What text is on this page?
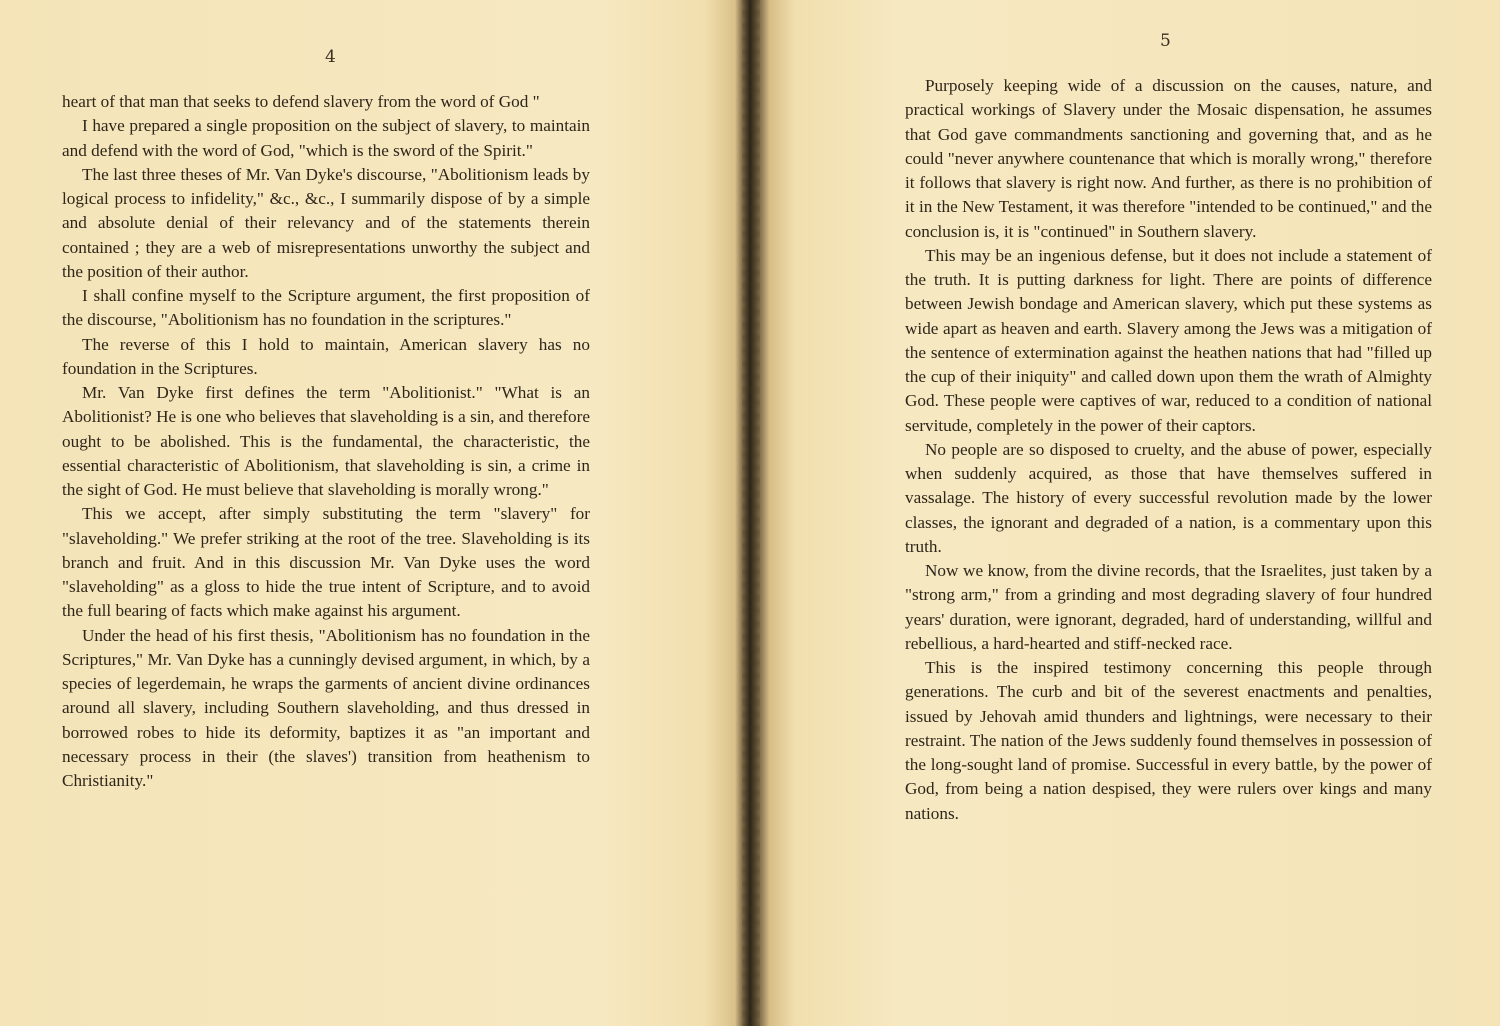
4

heart of that man that seeks to defend slavery from the word of God "

I have prepared a single proposition on the subject of slavery, to maintain and defend with the word of God, "which is the sword of the Spirit."

The last three theses of Mr. Van Dyke's discourse, "Abolitionism leads by logical process to infidelity," &c., &c., I summarily dispose of by a simple and absolute denial of their relevancy and of the statements therein contained ; they are a web of misrepresentations unworthy the subject and the position of their author.

I shall confine myself to the Scripture argument, the first proposition of the discourse, "Abolitionism has no foundation in the scriptures."

The reverse of this I hold to maintain, American slavery has no foundation in the Scriptures.

Mr. Van Dyke first defines the term "Abolitionist." "What is an Abolitionist? He is one who believes that slaveholding is a sin, and therefore ought to be abolished. This is the fundamental, the characteristic, the essential characteristic of Abolitionism, that slaveholding is sin, a crime in the sight of God. He must believe that slaveholding is morally wrong."

This we accept, after simply substituting the term "slavery" for "slaveholding." We prefer striking at the root of the tree. Slaveholding is its branch and fruit. And in this discussion Mr. Van Dyke uses the word "slaveholding" as a gloss to hide the true intent of Scripture, and to avoid the full bearing of facts which make against his argument.

Under the head of his first thesis, "Abolitionism has no foundation in the Scriptures," Mr. Van Dyke has a cunningly devised argument, in which, by a species of legerdemain, he wraps the garments of ancient divine ordinances around all slavery, including Southern slaveholding, and thus dressed in borrowed robes to hide its deformity, baptizes it as "an important and necessary process in their (the slaves') transition from heathenism to Christianity."

5

Purposely keeping wide of a discussion on the causes, nature, and practical workings of Slavery under the Mosaic dispensation, he assumes that God gave commandments sanctioning and governing that, and as he could "never anywhere countenance that which is morally wrong," therefore it follows that slavery is right now. And further, as there is no prohibition of it in the New Testament, it was therefore "intended to be continued," and the conclusion is, it is "continued" in Southern slavery.

This may be an ingenious defense, but it does not include a statement of the truth. It is putting darkness for light. There are points of difference between Jewish bondage and American slavery, which put these systems as wide apart as heaven and earth. Slavery among the Jews was a mitigation of the sentence of extermination against the heathen nations that had "filled up the cup of their iniquity" and called down upon them the wrath of Almighty God. These people were captives of war, reduced to a condition of national servitude, completely in the power of their captors.

No people are so disposed to cruelty, and the abuse of power, especially when suddenly acquired, as those that have themselves suffered in vassalage. The history of every successful revolution made by the lower classes, the ignorant and degraded of a nation, is a commentary upon this truth.

Now we know, from the divine records, that the Israelites, just taken by a "strong arm," from a grinding and most degrading slavery of four hundred years' duration, were ignorant, degraded, hard of understanding, willful and rebellious, a hard-hearted and stiff-necked race.

This is the inspired testimony concerning this people through generations. The curb and bit of the severest enactments and penalties, issued by Jehovah amid thunders and lightnings, were necessary to their restraint. The nation of the Jews suddenly found themselves in possession of the long-sought land of promise. Successful in every battle, by the power of God, from being a nation despised, they were rulers over kings and many nations.
